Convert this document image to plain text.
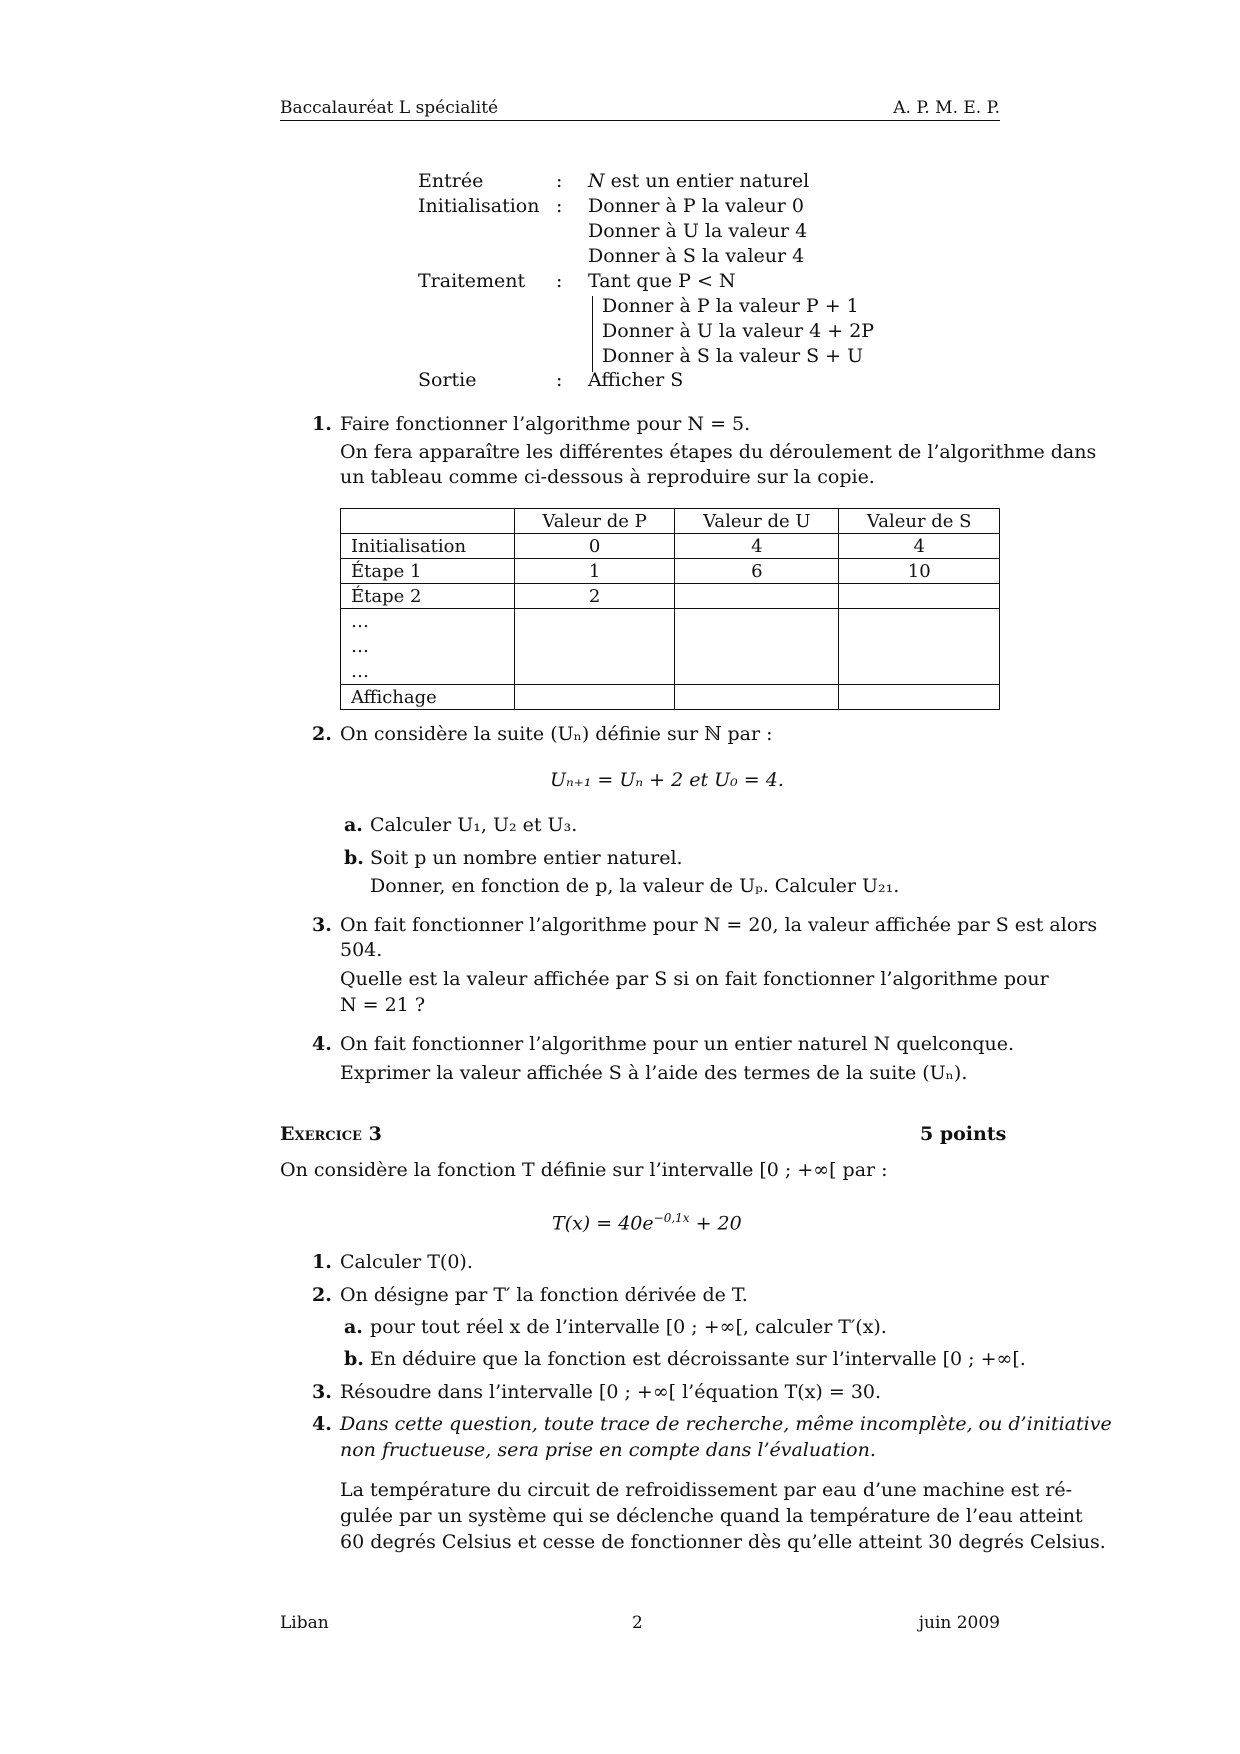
Baccalauréat L spécialité	A. P. M. E. P.
Entrée	: N est un entier naturel
Initialisation : Donner à P la valeur 0
Donner à U la valeur 4
Donner à S la valeur 4
Traitement : Tant que P < N
Donner à P la valeur P + 1
Donner à U la valeur 4 + 2P
Donner à S la valeur S + U
Sortie	: Afficher S
1. Faire fonctionner l’algorithme pour N = 5.
On fera apparaître les différentes étapes du déroulement de l’algorithme dans
un tableau comme ci-dessous à reproduire sur la copie.
	Valeur de P	Valeur de U	Valeur de S
Initialisation	0	4	4
Étape 1	1	6	10
Étape 2	2		

…
…
…			

Affichage			
2. On considère la suite (Uₙ) définie sur ℕ par :
Uₙ₊₁ = Uₙ + 2 et U₀ = 4.
a. Calculer U₁, U₂ et U₃.
b. Soit p un nombre entier naturel.
Donner, en fonction de p, la valeur de Uₚ. Calculer U₂₁.
3. On fait fonctionner l’algorithme pour N = 20, la valeur affichée par S est alors
504.
Quelle est la valeur affichée par S si on fait fonctionner l’algorithme pour
N = 21 ?
4. On fait fonctionner l’algorithme pour un entier naturel N quelconque.
Exprimer la valeur affichée S à l’aide des termes de la suite (Uₙ).
Exercice 3	5 points
On considère la fonction T définie sur l’intervalle [0 ; +∞[ par :
$T(x) = 40e^{-0,1x} + 20$
1. Calculer T(0).
2. On désigne par T′ la fonction dérivée de T.
a. pour tout réel x de l’intervalle [0 ; +∞[, calculer T′(x).
b. En déduire que la fonction est décroissante sur l’intervalle [0 ; +∞[.
3. Résoudre dans l’intervalle [0 ; +∞[ l’équation T(x) = 30.
4. Dans cette question, toute trace de recherche, même incomplète, ou d’initiative
non fructueuse, sera prise en compte dans l’évaluation.
La température du circuit de refroidissement par eau d’une machine est ré-
gulée par un système qui se déclenche quand la température de l’eau atteint
60 degrés Celsius et cesse de fonctionner dès qu’elle atteint 30 degrés Celsius.
Liban	2	juin 2009
